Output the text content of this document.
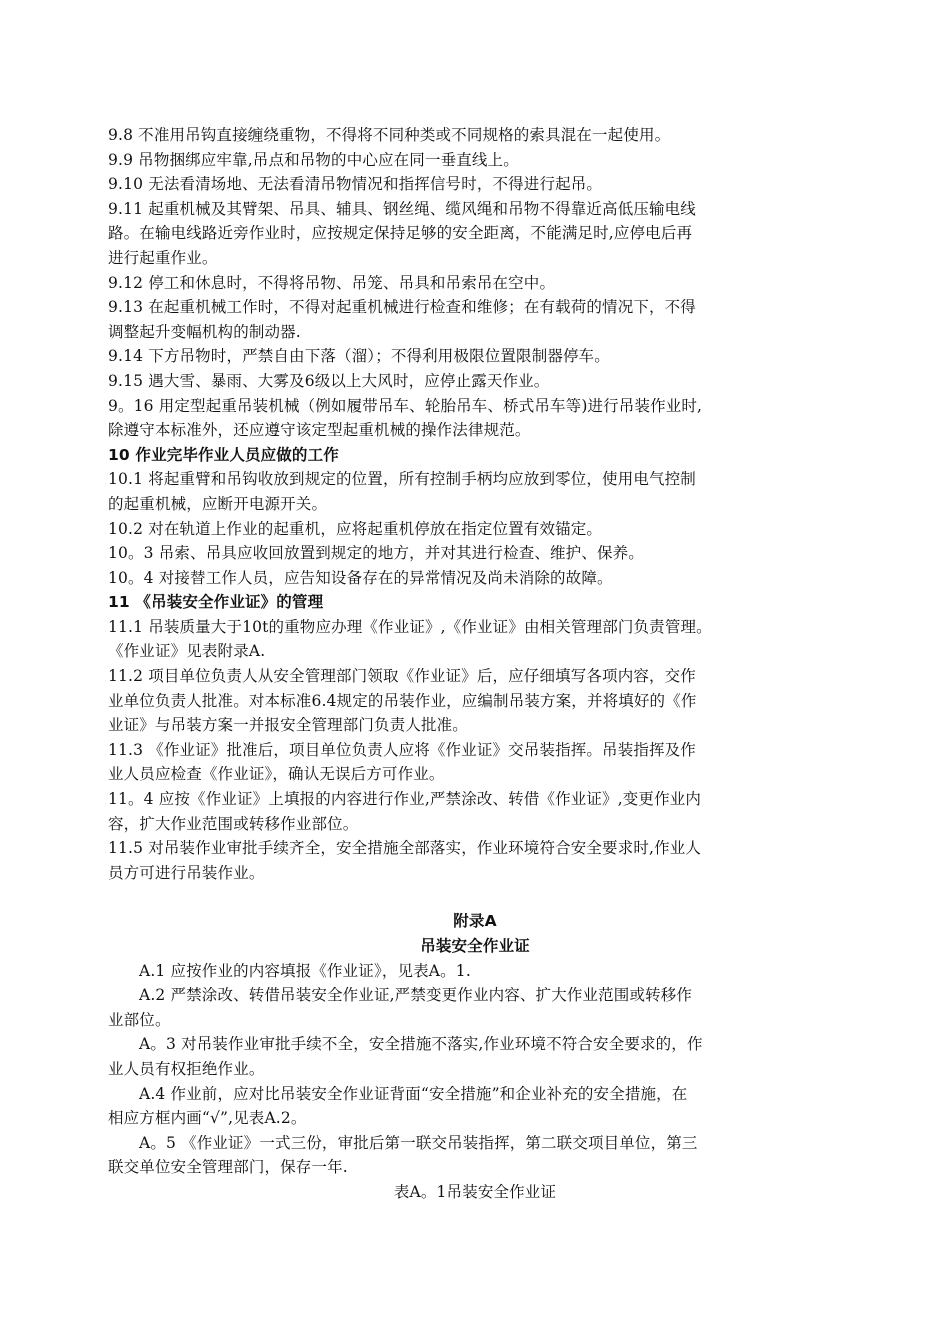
9.8 不准用吊钩直接缠绕重物，不得将不同种类或不同规格的索具混在一起使用。
9.9 吊物捆绑应牢靠,吊点和吊物的中心应在同一垂直线上。
9.10 无法看清场地、无法看清吊物情况和指挥信号时，不得进行起吊。
9.11 起重机械及其臂架、吊具、辅具、钢丝绳、缆风绳和吊物不得靠近高低压输电线
路。在输电线路近旁作业时，应按规定保持足够的安全距离，不能满足时,应停电后再
进行起重作业。
9.12 停工和休息时，不得将吊物、吊笼、吊具和吊索吊在空中。
9.13 在起重机械工作时，不得对起重机械进行检查和维修；在有载荷的情况下，不得
调整起升变幅机构的制动器.
9.14 下方吊物时，严禁自由下落（溜）；不得利用极限位置限制器停车。
9.15 遇大雪、暴雨、大雾及6级以上大风时，应停止露天作业。
9。16 用定型起重吊装机械（例如履带吊车、轮胎吊车、桥式吊车等)进行吊装作业时,
除遵守本标准外，还应遵守该定型起重机械的操作法律规范。
10 作业完毕作业人员应做的工作
10.1 将起重臂和吊钩收放到规定的位置，所有控制手柄均应放到零位，使用电气控制
的起重机械，应断开电源开关。
10.2 对在轨道上作业的起重机，应将起重机停放在指定位置有效锚定。
10。3 吊索、吊具应收回放置到规定的地方，并对其进行检查、维护、保养。
10。4 对接替工作人员，应告知设备存在的异常情况及尚未消除的故障。
11 《吊装安全作业证》的管理
11.1 吊装质量大于10t的重物应办理《作业证》,《作业证》由相关管理部门负责管理。
《作业证》见表附录A.
11.2 项目单位负责人从安全管理部门领取《作业证》后，应仔细填写各项内容，交作
业单位负责人批准。对本标准6.4规定的吊装作业，应编制吊装方案，并将填好的《作
业证》与吊装方案一并报安全管理部门负责人批准。
11.3 《作业证》批准后，项目单位负责人应将《作业证》交吊装指挥。吊装指挥及作
业人员应检查《作业证》，确认无误后方可作业。
11。4 应按《作业证》上填报的内容进行作业,严禁涂改、转借《作业证》,变更作业内
容，扩大作业范围或转移作业部位。
11.5 对吊装作业审批手续齐全，安全措施全部落实，作业环境符合安全要求时,作业人
员方可进行吊装作业。
附录A
吊装安全作业证
A.1 应按作业的内容填报《作业证》，见表A。1.
A.2 严禁涂改、转借吊装安全作业证,严禁变更作业内容、扩大作业范围或转移作
业部位。
A。3 对吊装作业审批手续不全，安全措施不落实,作业环境不符合安全要求的，作
业人员有权拒绝作业。
A.4 作业前，应对比吊装安全作业证背面“安全措施”和企业补充的安全措施，在
相应方框内画“√”,见表A.2。
A。5 《作业证》一式三份，审批后第一联交吊装指挥，第二联交项目单位，第三
联交单位安全管理部门，保存一年.
表A。1吊装安全作业证
